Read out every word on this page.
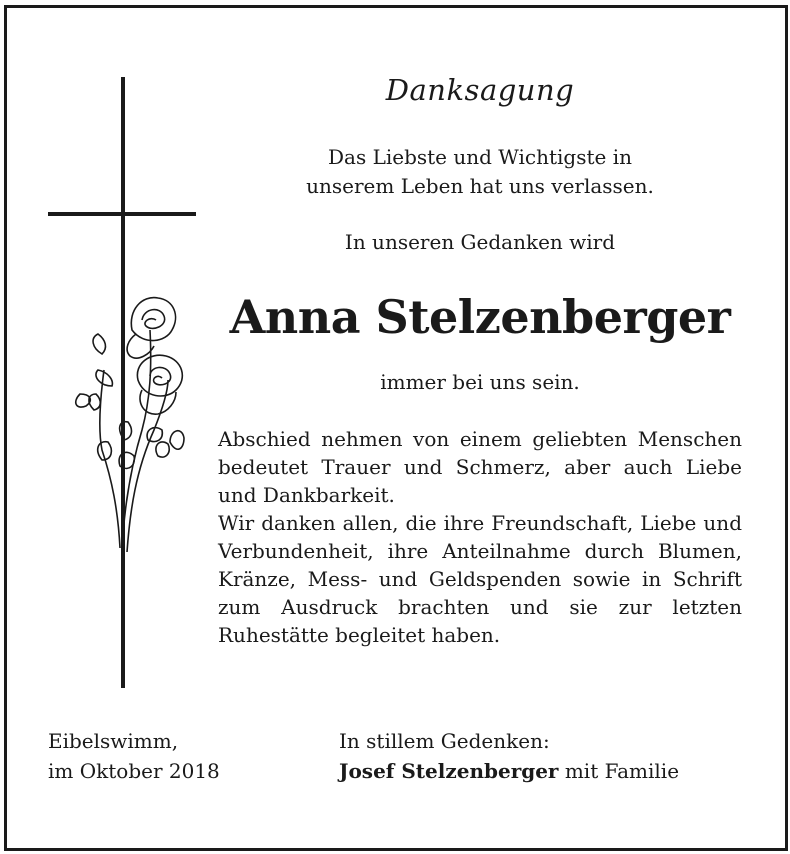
Danksagung
Das Liebste und Wichtigste in
unserem Leben hat uns verlassen.
In unseren Gedanken wird
Anna Stelzenberger
immer bei uns sein.

Abschied nehmen von einem geliebten Menschen bedeutet Trauer und Schmerz, aber auch Liebe und Dankbarkeit.

Wir danken allen, die ihre Freundschaft, Liebe und Verbundenheit, ihre Anteilnahme durch Blumen, Kränze, Mess- und Geldspenden sowie in Schrift zum Ausdruck brachten und sie zur letzten Ruhestätte begleitet haben.

Eibelswimm,
im Oktober 2018
In stillem Gedenken:
Josef Stelzenberger mit Familie
